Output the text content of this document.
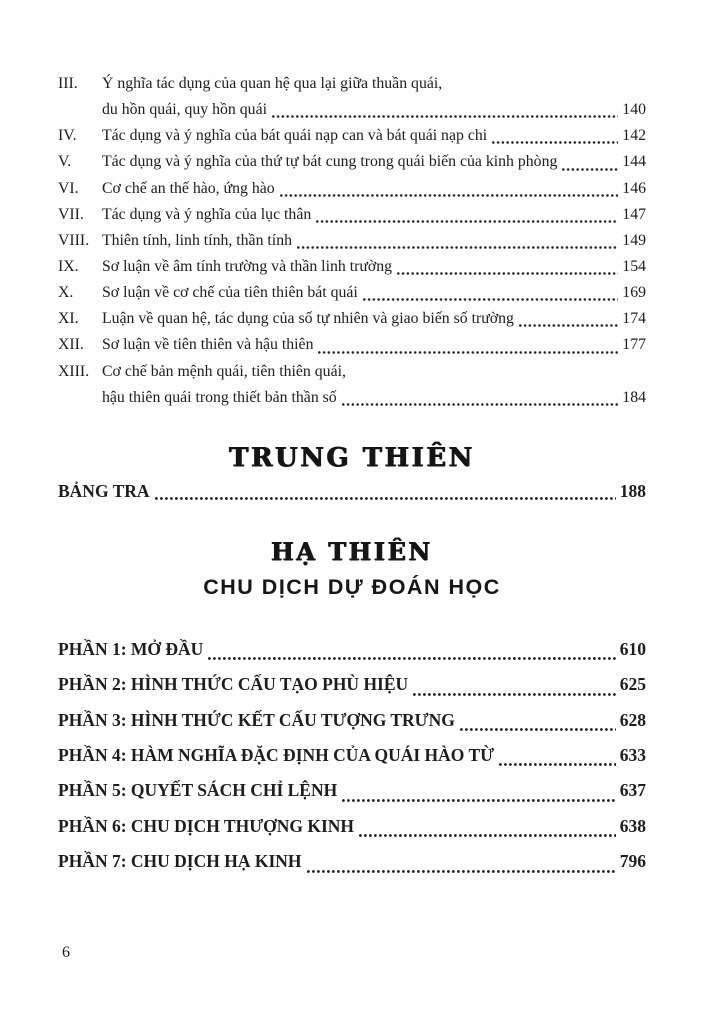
III.	Ý nghĩa tác dụng của quan hệ qua lại giữa thuần quái,
du hồn quái, quy hồn quái	140
IV.	Tác dụng và ý nghĩa của bát quái nạp can và bát quái nạp chi	142
V.	Tác dụng và ý nghĩa của thứ tự bát cung trong quái biến của kinh phòng	144
VI.	Cơ chế an thế hào, ứng hào	146
VII.	Tác dụng và ý nghĩa của lục thân	147
VIII. Thiên tính, linh tính, thần tính	149
IX.	Sơ luận về âm tính trường và thần linh trường	154
X.	Sơ luận về cơ chế của tiên thiên bát quái	169
XI.	Luận về quan hệ, tác dụng của số tự nhiên và giao biến số trường	174
XII.	Sơ luận về tiên thiên và hậu thiên	177
XIII. Cơ chế bản mệnh quái, tiên thiên quái,
hậu thiên quái trong thiết bản thần số	184
TRUNG THIÊN
BẢNG TRA	188
HẠ THIÊN
CHU DỊCH DỰ ĐOÁN HỌC
PHẦN 1: MỞ ĐẦU	610
PHẦN 2: HÌNH THỨC CẤU TẠO PHÙ HIỆU	625
PHẦN 3: HÌNH THỨC KẾT CẤU TƯỢNG TRƯNG	628
PHẦN 4: HÀM NGHĨA ĐẶC ĐỊNH CỦA QUÁI HÀO TỪ	633
PHẦN 5: QUYẾT SÁCH CHỈ LỆNH	637
PHẦN 6: CHU DỊCH THƯỢNG KINH	638
PHẦN 7: CHU DỊCH HẠ KINH	796
6
